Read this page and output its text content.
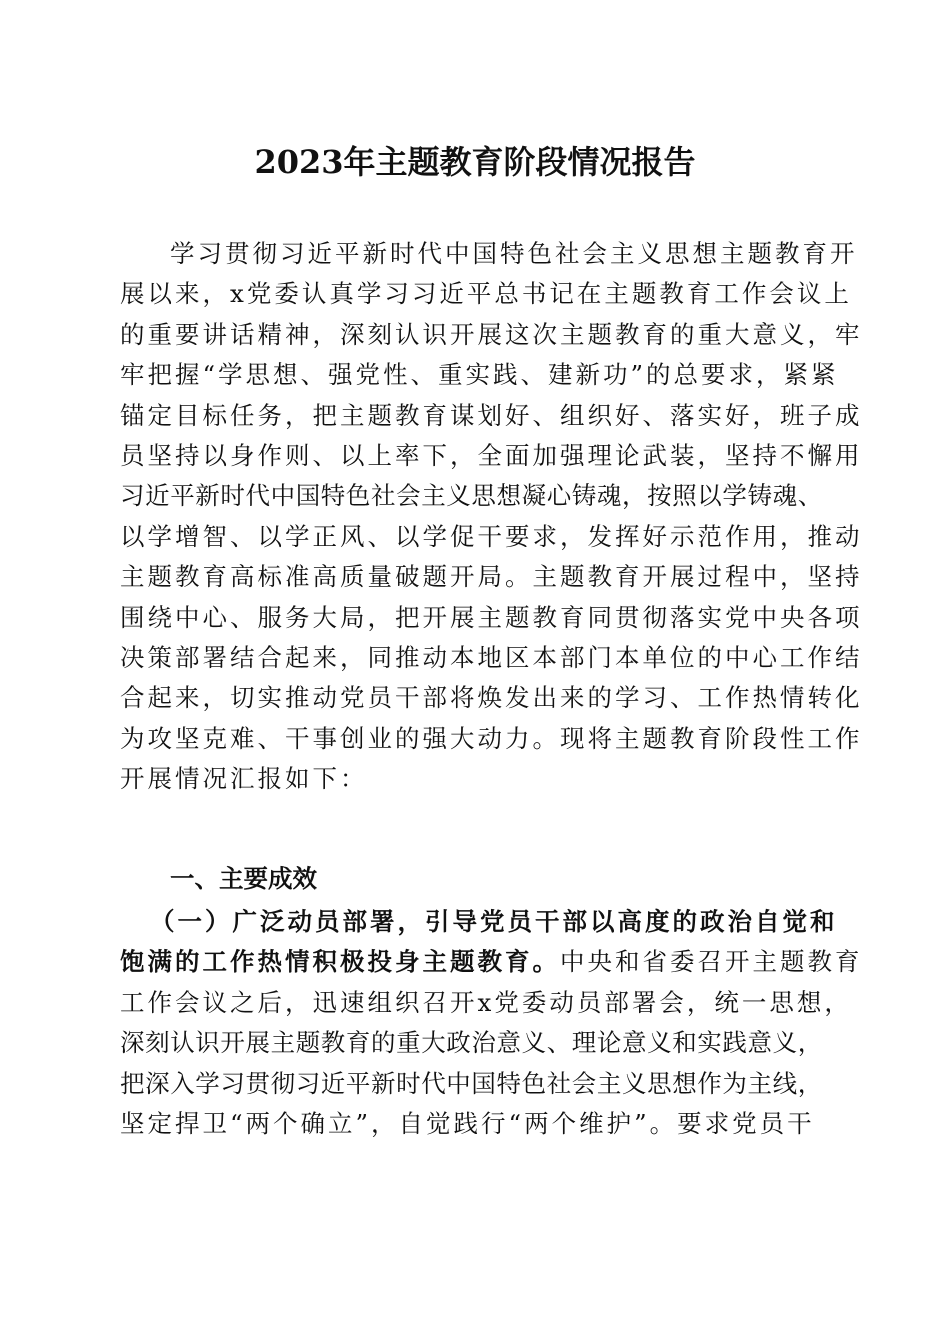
2023年主题教育阶段情况报告
学习贯彻习近平新时代中国特色社会主义思想主题教育开
展以来，x党委认真学习习近平总书记在主题教育工作会议上
的重要讲话精神，深刻认识开展这次主题教育的重大意义，牢
牢把握“学思想、强党性、重实践、建新功”的总要求，紧紧
锚定目标任务，把主题教育谋划好、组织好、落实好，班子成
员坚持以身作则、以上率下，全面加强理论武装，坚持不懈用
习近平新时代中国特色社会主义思想凝心铸魂，按照以学铸魂、
以学增智、以学正风、以学促干要求，发挥好示范作用，推动
主题教育高标准高质量破题开局。主题教育开展过程中，坚持
围绕中心、服务大局，把开展主题教育同贯彻落实党中央各项
决策部署结合起来，同推动本地区本部门本单位的中心工作结
合起来，切实推动党员干部将焕发出来的学习、工作热情转化
为攻坚克难、干事创业的强大动力。现将主题教育阶段性工作
开展情况汇报如下：
一、主要成效
（一）广泛动员部署，引导党员干部以高度的政治自觉和
饱满的工作热情积极投身主题教育。中央和省委召开主题教育
工作会议之后，迅速组织召开x党委动员部署会，统一思想，
深刻认识开展主题教育的重大政治意义、理论意义和实践意义，
把深入学习贯彻习近平新时代中国特色社会主义思想作为主线，
坚定捍卫“两个确立”，自觉践行“两个维护”。要求党员干
